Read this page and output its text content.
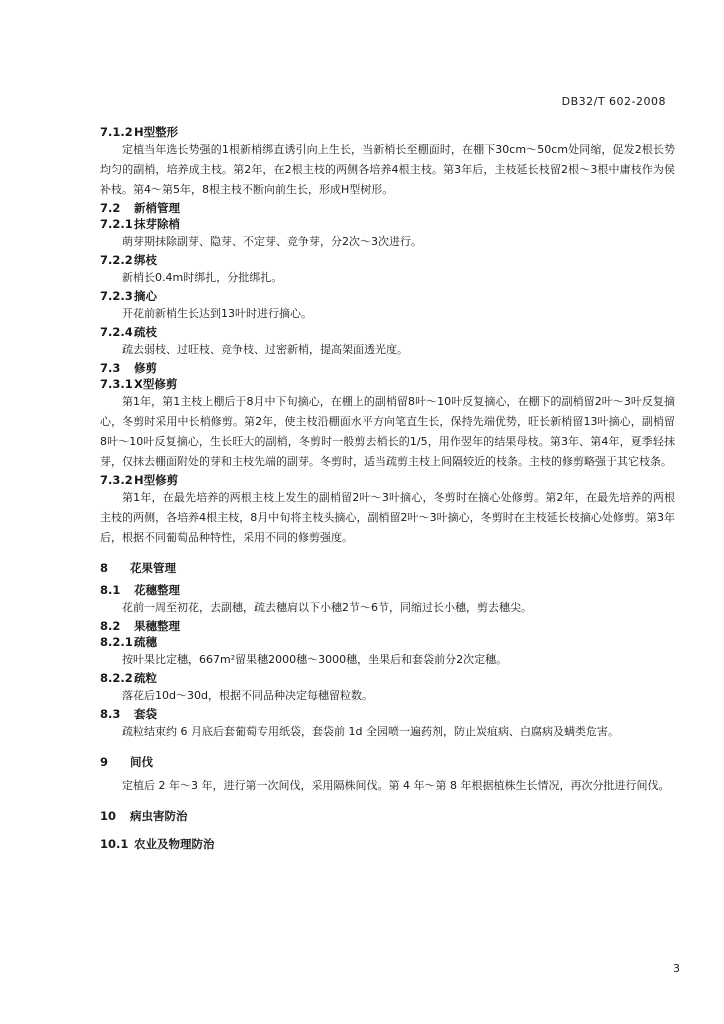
DB32/T 602-2008

7.1.2H型整形

定植当年选长势强的1根新梢绑直诱引向上生长，当新梢长至棚面时，在棚下30cm～50cm处同缩，促发2根长势均匀的副梢，培养成主枝。第2年，在2根主枝的两侧各培养4根主枝。第3年后，主枝延长枝留2根～3根中庸枝作为侯补枝。第4～第5年，8根主枝不断向前生长，形成H型树形。

7.2 新梢管理

7.2.1抹芽除梢

萌芽期抹除副芽、隐芽、不定芽、竞争芽，分2次～3次进行。

7.2.2绑枝

新梢长0.4m时绑扎，分批绑扎。

7.2.3摘心

开花前新梢生长达到13叶时进行摘心。

7.2.4疏枝

疏去弱枝、过旺枝、竞争枝、过密新梢，提高架面透光度。

7.3 修剪

7.3.1X型修剪

第1年，第1主枝上棚后于8月中下旬摘心，在棚上的副梢留8叶～10叶反复摘心，在棚下的副梢留2叶～3叶反复摘心，冬剪时采用中长梢修剪。第2年，使主枝沿棚面水平方向笔直生长，保持先端优势，旺长新梢留13叶摘心，副梢留8叶～10叶反复摘心，生长旺大的副梢，冬剪时一般剪去梢长的1/5，用作翌年的结果母枝。第3年、第4年，夏季轻抹芽，仅抹去棚面附处的芽和主枝先端的副芽。冬剪时，适当疏剪主枝上间隔较近的枝条。主枝的修剪略强于其它枝条。

7.3.2H型修剪

第1年，在最先培养的两根主枝上发生的副梢留2叶～3叶摘心，冬剪时在摘心处修剪。第2年，在最先培养的两根主枝的两侧，各培养4根主枝，8月中旬将主枝头摘心，副梢留2叶～3叶摘心，冬剪时在主枝延长枝摘心处修剪。第3年后，根据不同葡萄品种特性，采用不同的修剪强度。

8 花果管理

8.1 花穗整理

花前一周至初花，去副穗，疏去穗肩以下小穗2节～6节，同缩过长小穗，剪去穗尖。

8.2 果穗整理

8.2.1疏穗

按叶果比定穗，667m²留果穗2000穗～3000穗，坐果后和套袋前分2次定穗。

8.2.2疏粒

落花后10d～30d，根据不同品种决定每穗留粒数。

8.3 套袋

疏粒结束约 6 月底后套葡萄专用纸袋，套袋前 1d 全园喷一遍药剂，防止炭疽病、白腐病及螨类危害。

9 间伐

定植后 2 年～3 年，进行第一次间伐，采用隔株间伐。第 4 年～第 8 年根据植株生长情况，再次分批进行间伐。

10 病虫害防治

10.1 农业及物理防治

3
